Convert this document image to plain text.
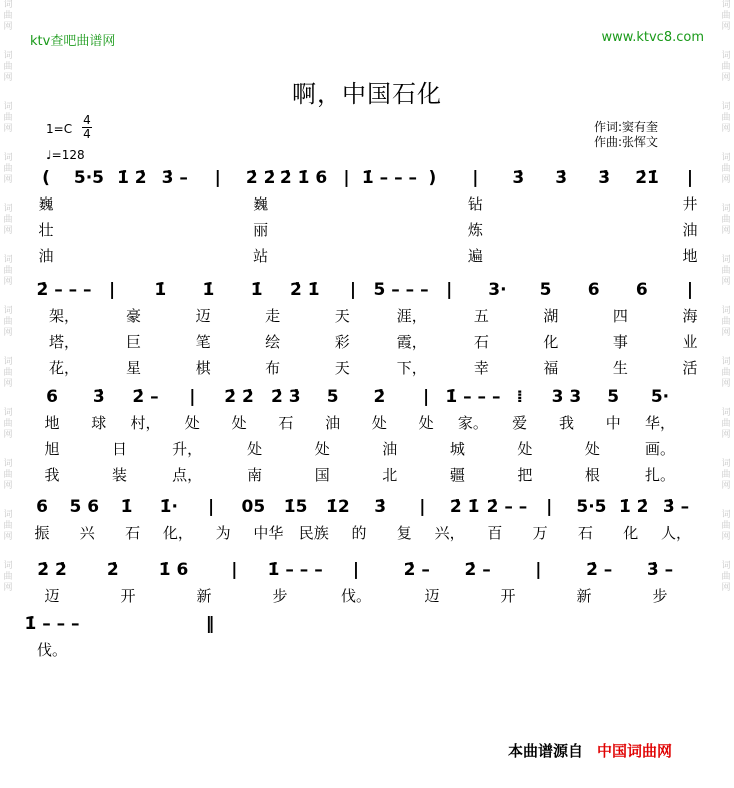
词
曲
网
词
曲
网
词
曲
网
词
曲
网
词
曲
网
词
曲
网
词
曲
网
词
曲
网
词
曲
网
词
曲
网
词
曲
网
词
曲
网
词
曲
网
词
曲
网
词
曲
网
词
曲
网
词
曲
网
词
曲
网
词
曲
网
词
曲
网
词
曲
网
词
曲
网
词
曲
网
词
曲
网
ktv查吧曲谱网	www.ktvc8.com
啊，中国石化
1=C
4
4
♩=128
作词:窦有奎
作曲:张恽文
( 5·5 1̇ 2̇ 3̇ – | 2̇ 2̇ 2̇ 1̇ 6 | 1̇ – – – ) | 3̇ 3̇ 3̇ 2̇1̇ |
巍	巍	钻	井
壮	丽	炼	油
油	站	遍	地
2̇ – – – | 1̇ 1̇ 1̇ 2̇ 1̇ | 5 – – – | 3· 5 6 6 |
架，	豪	迈	走	天	涯，	五	湖	四	海
塔，	巨	笔	绘	彩	霞，	石	化	事	业
花，	星	棋	布	天	下，	幸	福	生	活
6 3̇ 2̇ – | 2̇ 2̇ 2̇ 3̇ 5 2̇ | 1̇ – – – ⁞ 3 3 5 5·
地 球 村， 处 处 石 油 处 处 家。 爱 我 中 华，
旭	日	升，	处	处	油	城	处	处	画。
我	装	点，	南	国	北	疆	把	根	扎。
6 5 6 1̇ 1̇· | 05 1̇5 1̇2 3̇ | 2̇ 1̇ 2̇ – – | 5·5 1̇ 2̇ 3̇ –
振 兴 石 化， 为 中华 民族 的 复 兴， 百 万 石 化 人，
2̇ 2̇ 2̇ 1̇ 6	| 1̇ – – – |	2̇ – 2̇ –	|	2̇ – 3̇ –
迈	开	新	步	伐。	迈	开	新	步
1̇ – – –	‖
伐。
本曲谱源自 中国词曲网
